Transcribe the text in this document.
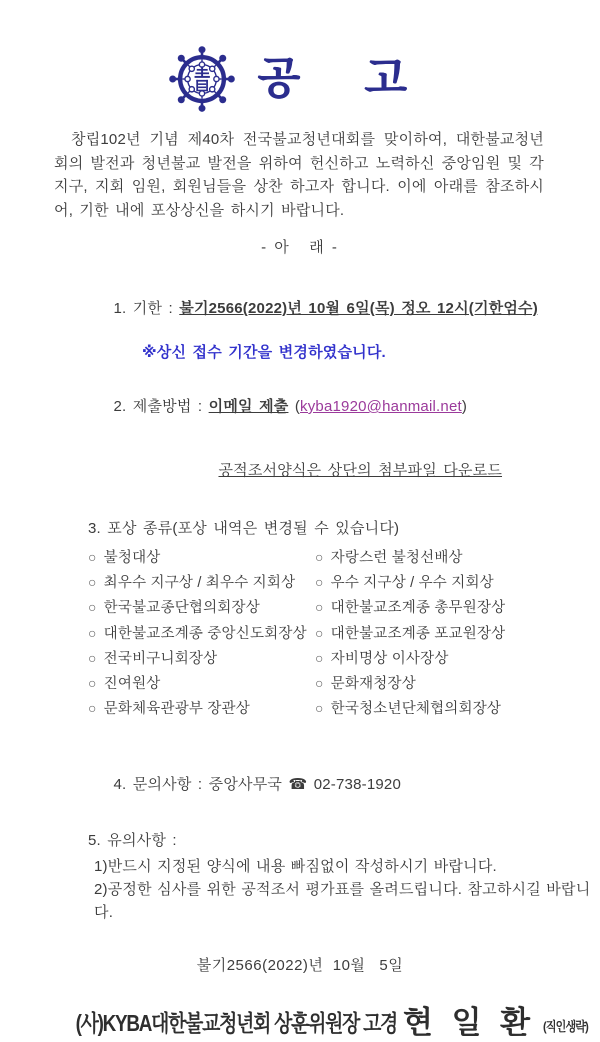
공 고

창립102년 기념 제40차 전국불교청년대회를 맞이하여, 대한불교청년회의 발전과 청년불교 발전을 위하여 헌신하고 노력하신 중앙임원 및 각 지구, 지회 임원, 회원님들을 상찬 하고자 합니다. 이에 아래를 참조하시어, 기한 내에 포상상신을 하시기 바랍니다.

- 아   래 -

1. 기한 : 불기2566(2022)년 10월 6일(목) 정오 12시(기한엄수)

※상신 접수 기간을 변경하였습니다.

2. 제출방법 : 이메일 제출 (kyba1920@hanmail.net)

공적조서양식은 상단의 첨부파일 다운로드

3. 포상 종류(포상 내역은 변경될 수 있습니다)
○ 불청대상	○ 자랑스런 불청선배상
○ 최우수 지구상 / 최우수 지회상	○ 우수 지구상 / 우수 지회상
○ 한국불교종단협의회장상	○ 대한불교조계종 총무원장상
○ 대한불교조계종 중앙신도회장상 ○ 대한불교조계종 포교원장상
○ 전국비구니회장상	○ 자비명상 이사장상
○ 진여원상	○ 문화재청장상
○ 문화체육관광부 장관상	○ 한국청소년단체협의회장상

4. 문의사항 : 중앙사무국 ☎ 02-738-1920

5. 유의사항 :
1)반드시 지정된 양식에 내용 빠짐없이 작성하시기 바랍니다.
2)공정한 심사를 위한 공적조서 평가표를 올려드립니다. 참고하시길 바랍니다.
불기2566(2022)년  10월   5일
(사)KYBA대한불교청년회 상훈위원장 고경 현 일 환 (직인생략)
